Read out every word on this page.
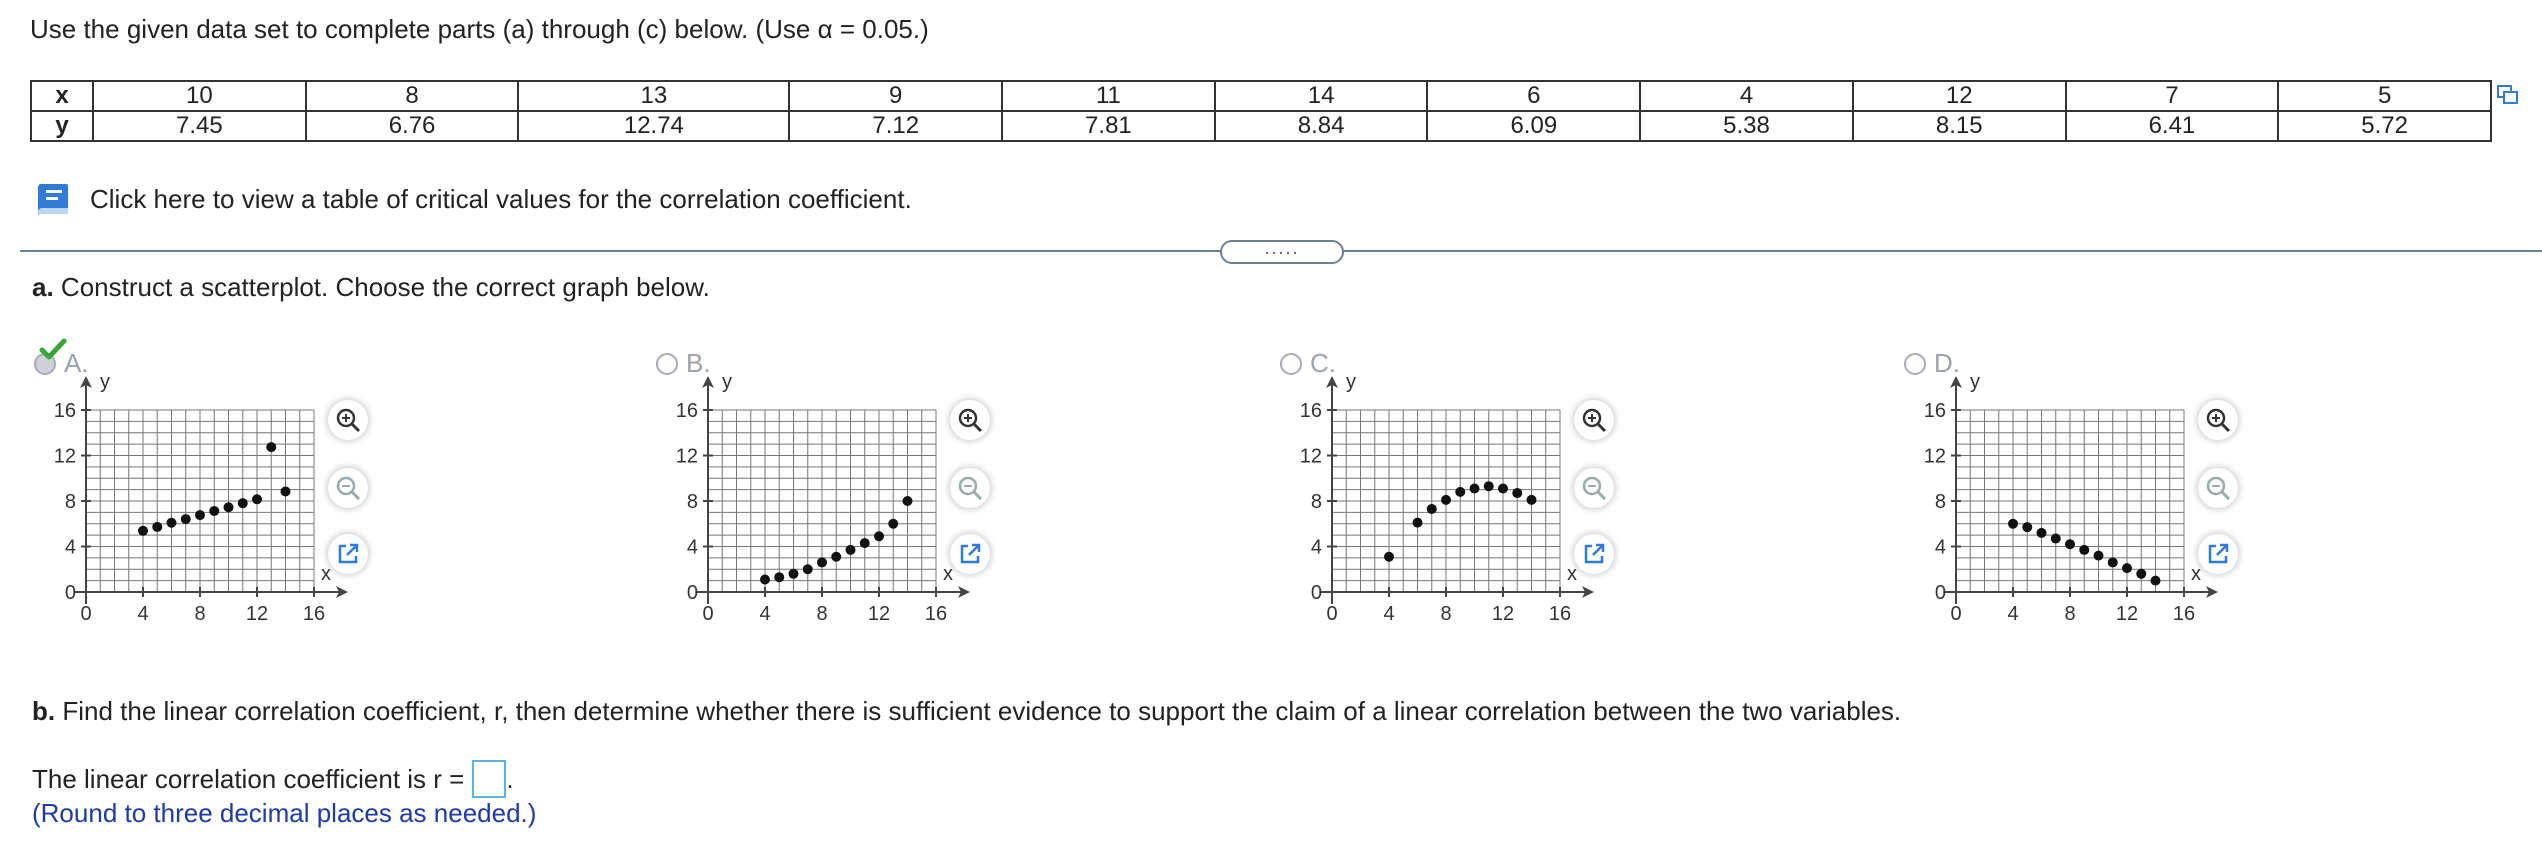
Use the given data set to complete parts (a) through (c) below. (Use α = 0.05.)
x	10	8	13	9	11	14	6	4	12	7	5
y	7.45	6.76	12.74	7.12	7.81	8.84	6.09	5.38	8.15	6.41	5.72
Click here to view a table of critical values for the correlation coefficient.
.....
a. Construct a scatterplot. Choose the correct graph below.
A.
0 4 8 12 16
0
4
8
12
16
x
y
B.
0 4 8 12 16
0
4
8
12
16
x
y
C.
0 4 8 12 16
0
4
8
12
16
x
y
D.
0 4 8 12 16
0
4
8
12
16
x
y
b. Find the linear correlation coefficient, r, then determine whether there is sufficient evidence to support the claim of a linear correlation between the two variables.
The linear correlation coefficient is r = .
(Round to three decimal places as needed.)
